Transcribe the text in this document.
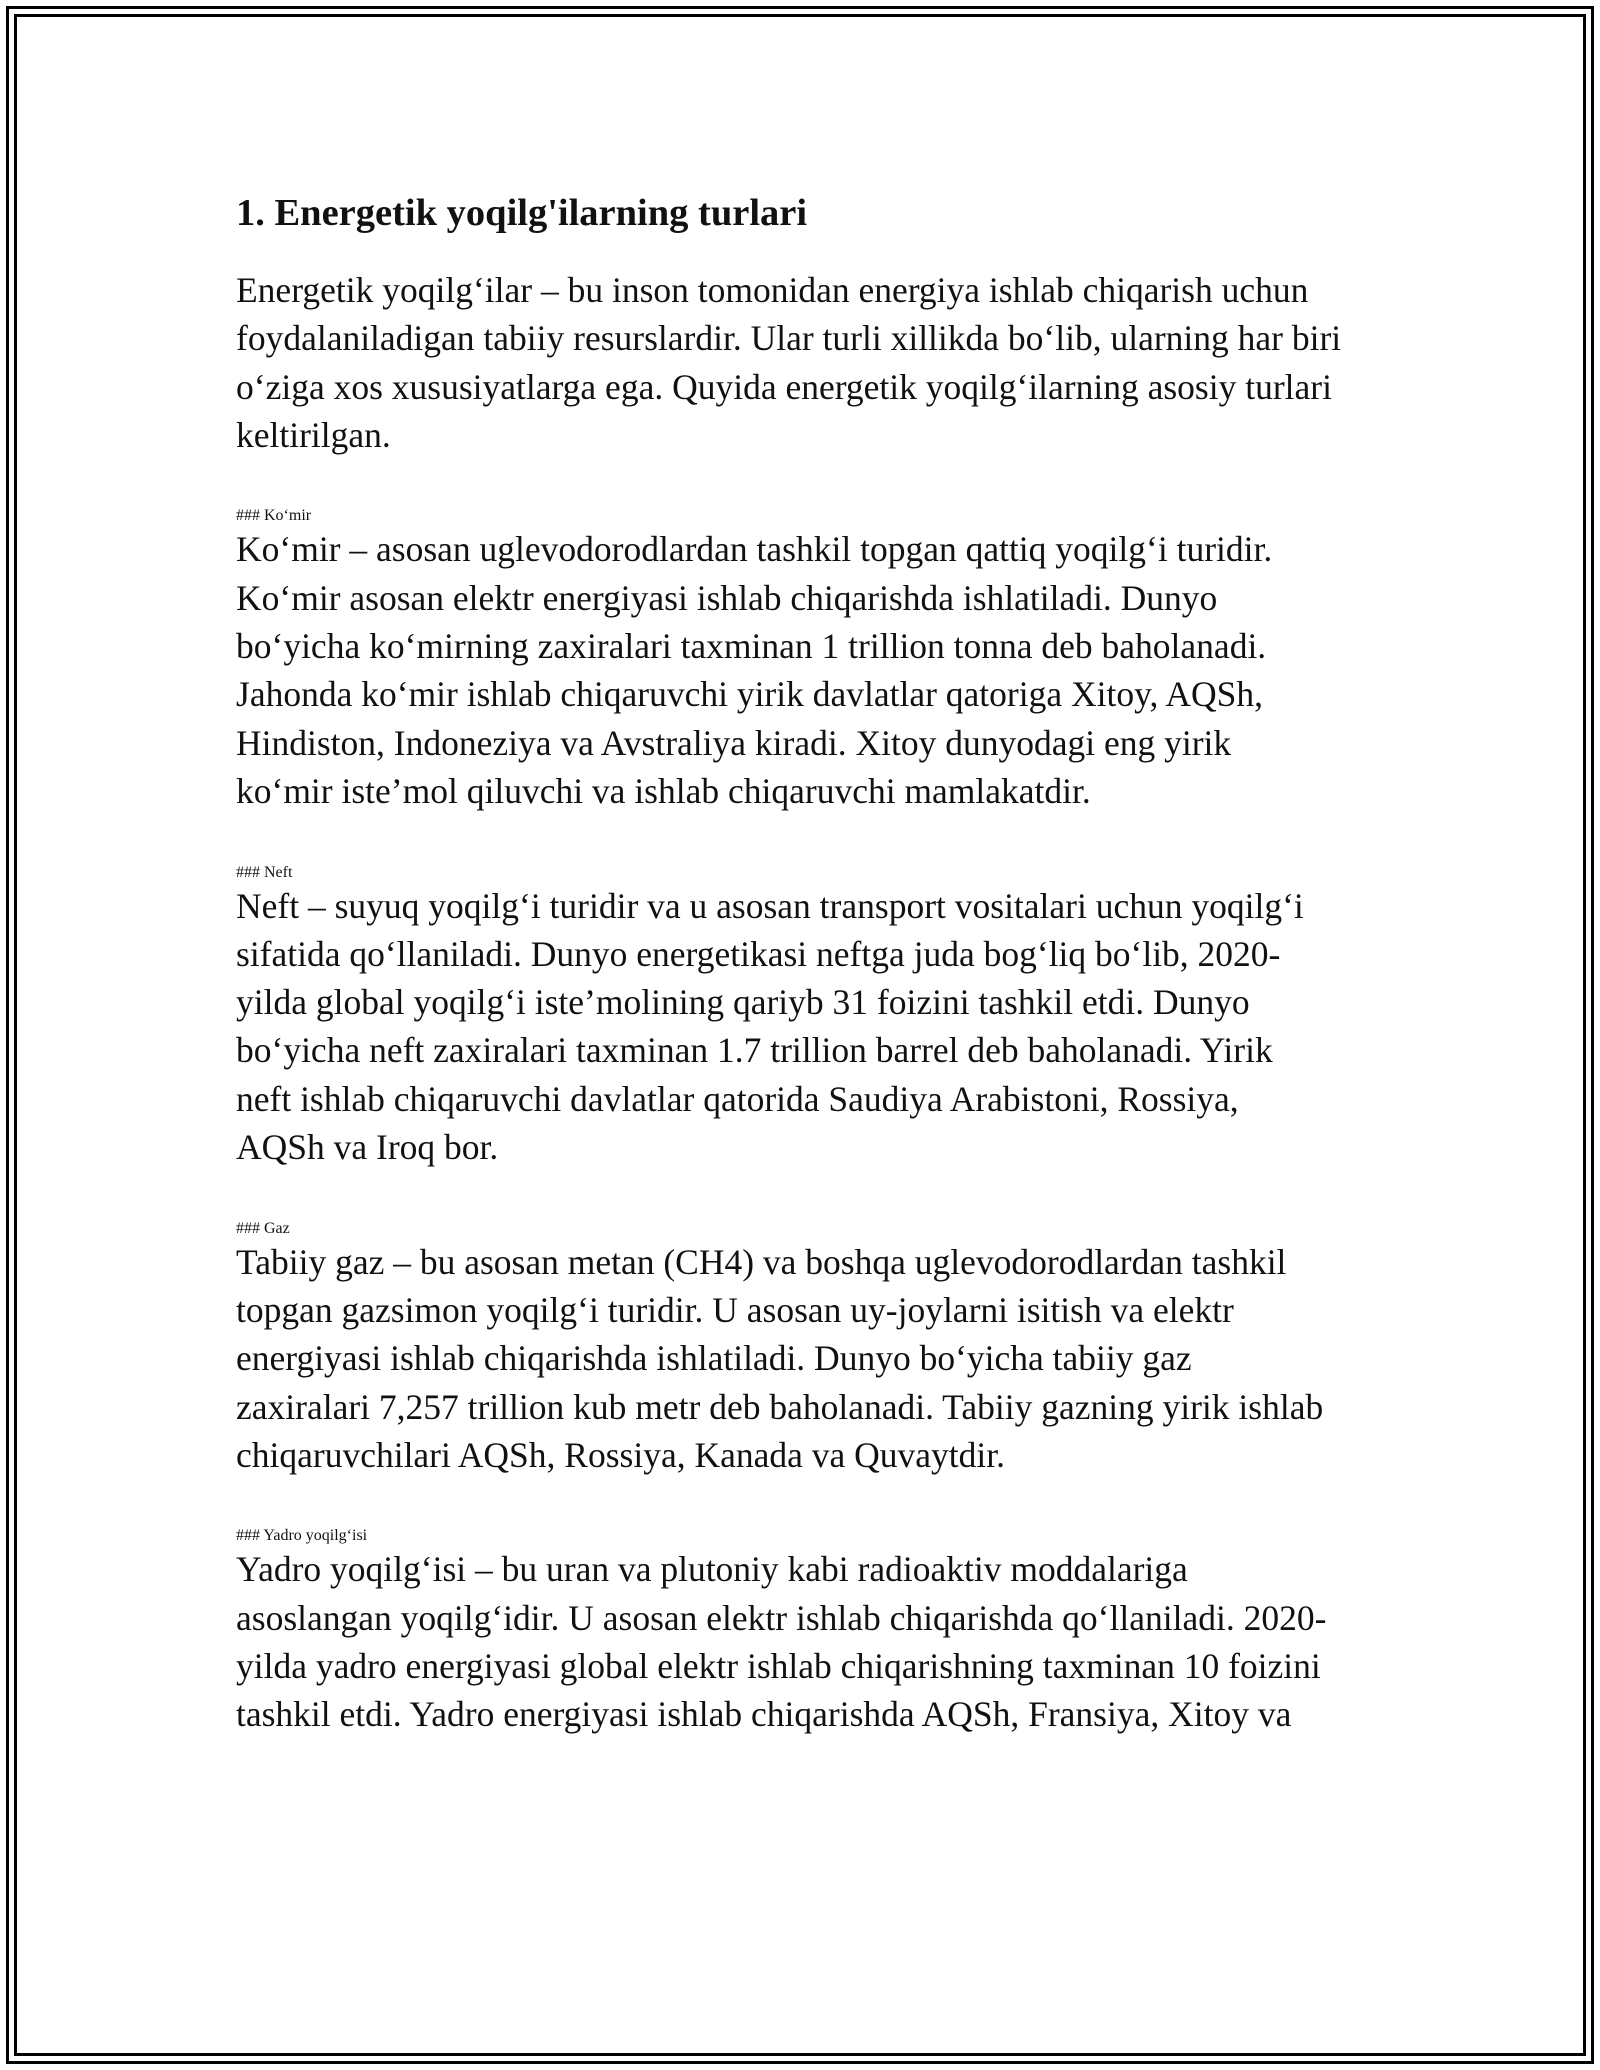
1. Energetik yoqilg'ilarning turlari

Energetik yoqilg‘ilar – bu inson tomonidan energiya ishlab chiqarish uchun foydalaniladigan tabiiy resurslardir. Ular turli xillikda bo‘lib, ularning har biri o‘ziga xos xususiyatlarga ega. Quyida energetik yoqilg‘ilarning asosiy turlari keltirilgan.

### Ko‘mir

Ko‘mir – asosan uglevodorodlardan tashkil topgan qattiq yoqilg‘i turidir.
Ko‘mir asosan elektr energiyasi ishlab chiqarishda ishlatiladi. Dunyo
bo‘yicha ko‘mirning zaxiralari taxminan 1 trillion tonna deb baholanadi.
Jahonda ko‘mir ishlab chiqaruvchi yirik davlatlar qatoriga Xitoy, AQSh,
Hindiston, Indoneziya va Avstraliya kiradi. Xitoy dunyodagi eng yirik
ko‘mir iste’mol qiluvchi va ishlab chiqaruvchi mamlakatdir.

### Neft

Neft – suyuq yoqilg‘i turidir va u asosan transport vositalari uchun yoqilg‘i
sifatida qo‘llaniladi. Dunyo energetikasi neftga juda bog‘liq bo‘lib, 2020-
yilda global yoqilg‘i iste’molining qariyb 31 foizini tashkil etdi. Dunyo
bo‘yicha neft zaxiralari taxminan 1.7 trillion barrel deb baholanadi. Yirik
neft ishlab chiqaruvchi davlatlar qatorida Saudiya Arabistoni, Rossiya,
AQSh va Iroq bor.

### Gaz

Tabiiy gaz – bu asosan metan (CH4) va boshqa uglevodorodlardan tashkil
topgan gazsimon yoqilg‘i turidir. U asosan uy-joylarni isitish va elektr
energiyasi ishlab chiqarishda ishlatiladi. Dunyo bo‘yicha tabiiy gaz
zaxiralari 7,257 trillion kub metr deb baholanadi. Tabiiy gazning yirik ishlab
chiqaruvchilari AQSh, Rossiya, Kanada va Quvaytdir.

### Yadro yoqilg‘isi

Yadro yoqilg‘isi – bu uran va plutoniy kabi radioaktiv moddalariga
asoslangan yoqilg‘idir. U asosan elektr ishlab chiqarishda qo‘llaniladi. 2020-
yilda yadro energiyasi global elektr ishlab chiqarishning taxminan 10 foizini
tashkil etdi. Yadro energiyasi ishlab chiqarishda AQSh, Fransiya, Xitoy va
